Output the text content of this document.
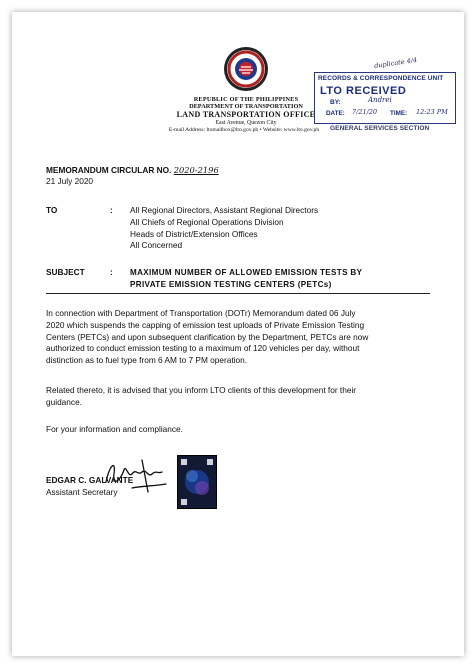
REPUBLIC OF THE PHILIPPINES
DEPARTMENT OF TRANSPORTATION
LAND TRANSPORTATION OFFICE
East Avenue, Quezon City
E-mail Address: ltomailbox@lto.gov.ph • Website: www.lto.gov.ph
duplicate 4/4
RECORDS & CORRESPONDENCE UNIT
LTO RECEIVED
BY:	Andrei
DATE: 7/21/20 TIME: 12:23 PM
GENERAL SERVICES SECTION
MEMORANDUM CIRCULAR NO. 2020-2196
21 July 2020
TO	: All Regional Directors, Assistant Regional Directors
All Chiefs of Regional Operations Division
Heads of District/Extension Offices
All Concerned
SUBJECT	: MAXIMUM NUMBER OF ALLOWED EMISSION TESTS BY
PRIVATE EMISSION TESTING CENTERS (PETCs)
In connection with Department of Transportation (DOTr) Memorandum dated 06 July
2020 which suspends the capping of emission test uploads of Private Emission Testing
Centers (PETCs) and upon subsequent clarification by the Department, PETCs are now
authorized to conduct emission testing to a maximum of 120 vehicles per day, without
distinction as to fuel type from 6 AM to 7 PM operation.
Related thereto, it is advised that you inform LTO clients of this development for their
guidance.
For your information and compliance.
EDGAR C. GALVANTE
Assistant Secretary
